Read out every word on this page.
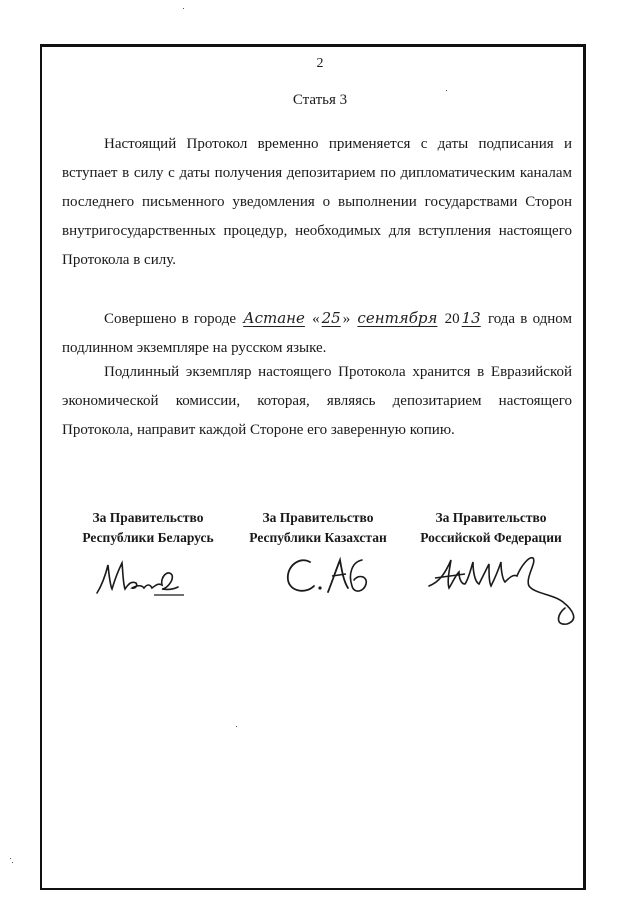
2
Статья 3

Настоящий Протокол временно применяется с даты подписания и вступает в силу с даты получения депозитарием по дипломатическим каналам последнего письменного уведомления о выполнении государствами Сторон внутригосударственных процедур, необходимых для вступления настоящего Протокола в силу.

Совершено в городе Астане « 25 » сентября 20 13 года в одном подлинном экземпляре на русском языке.

Подлинный экземпляр настоящего Протокола хранится в Евразийской экономической комиссии, которая, являясь депозитарием настоящего Протокола, направит каждой Стороне его заверенную копию.

За Правительство
Республики Беларусь
За Правительство
Республики Казахстан
За Правительство
Российской Федерации
